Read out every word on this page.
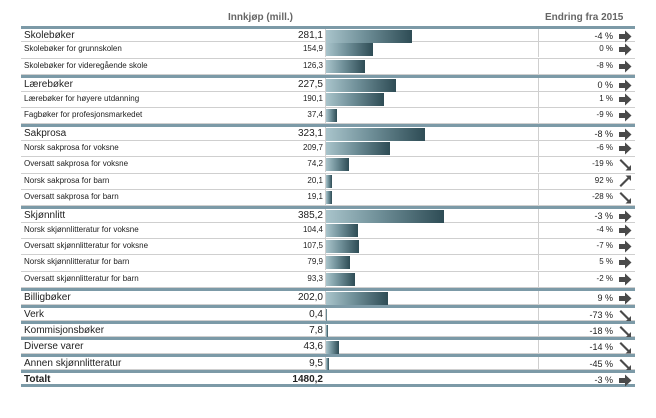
Innkjøp (mill.)	Endring fra 2015
Skolebøker	281,1	-4 %
Skolebøker for grunnskolen	154,9	0 %
Skolebøker for videregående skole	126,3	-8 %
Lærebøker	227,5	0 %
Lærebøker for høyere utdanning	190,1	1 %
Fagbøker for profesjonsmarkedet	37,4	-9 %
Sakprosa	323,1	-8 %
Norsk sakprosa for voksne	209,7	-6 %
Oversatt sakprosa for voksne	74,2	-19 %
Norsk sakprosa for barn	20,1	92 %
Oversatt sakprosa for barn	19,1	-28 %
Skjønnlitt	385,2	-3 %
Norsk skjønnlitteratur for voksne	104,4	-4 %
Oversatt skjønnlitteratur for voksne	107,5	-7 %
Norsk skjønnlitteratur for barn	79,9	5 %
Oversatt skjønnlitteratur for barn	93,3	-2 %
Billigbøker	202,0	9 %
Verk	0,4	-73 %
Kommisjonsbøker	7,8	-18 %
Diverse varer	43,6	-14 %
Annen skjønnlitteratur	9,5	-45 %
Totalt	1480,2	-3 %
